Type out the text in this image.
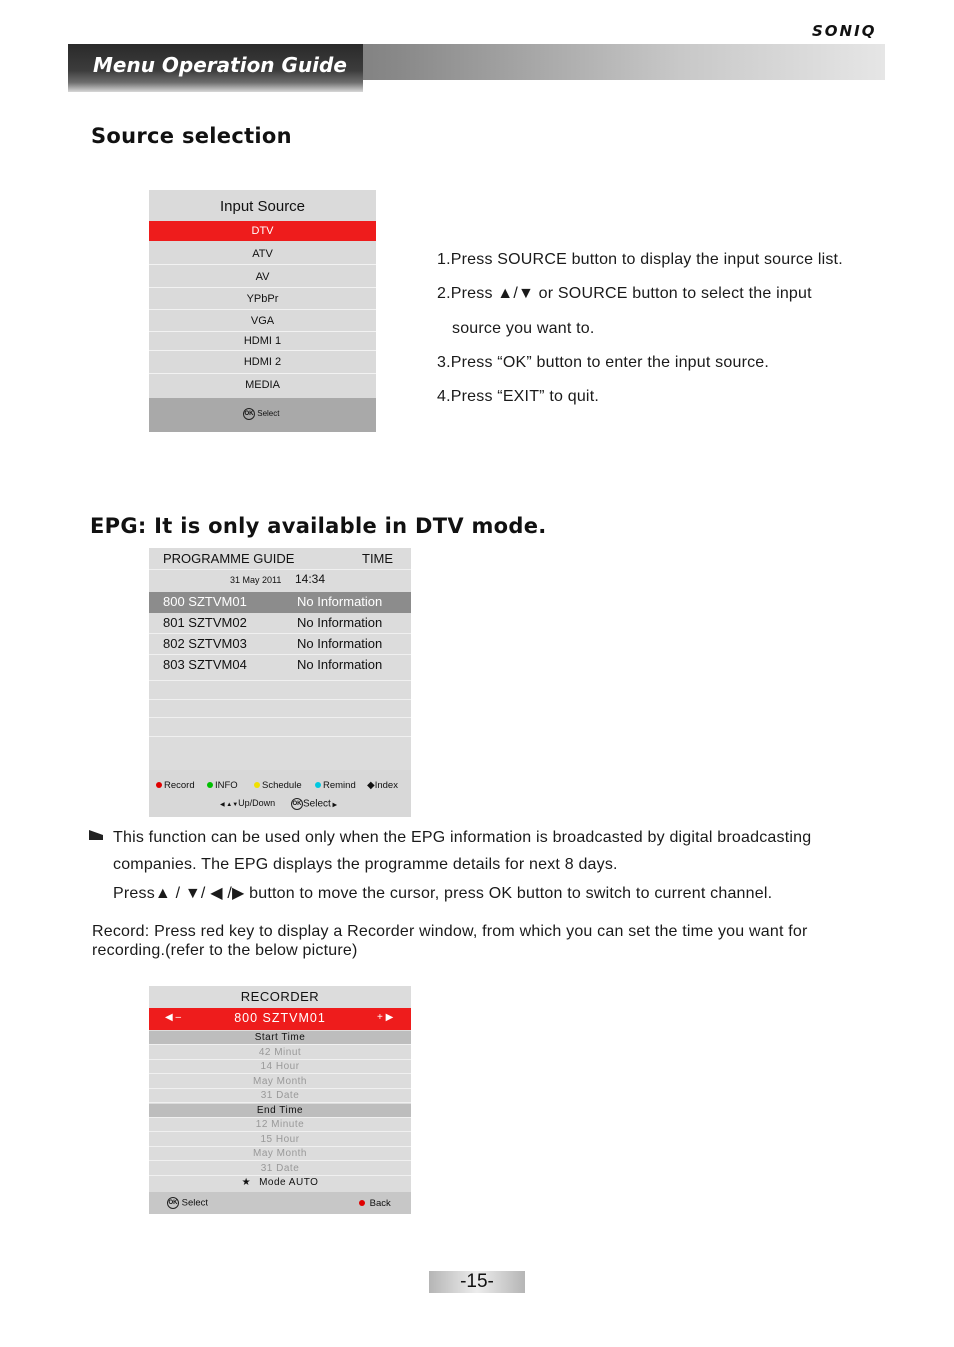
SONIQ
Menu Operation Guide
Source selection
Input Source
DTV
ATV
AV
YPbPr
VGA
HDMI 1
HDMI 2
MEDIA
OK Select
1.Press SOURCE button to display the input source list.
2.Press ▲/▼ or SOURCE button to select the input
source you want to.
3.Press “OK” button to enter the input source.
4.Press “EXIT” to quit.
EPG: It is only available in DTV mode.
PROGRAMME GUIDE	TIME
31 May 2011 14:34
800 SZTVM01	No Information
801 SZTVM02	No Information
802 SZTVM03	No Information
803 SZTVM04	No Information
Record	INFO	Schedule	Remind ◆Index
◀ ▲▼Up/Down	OK Select ▶
This function can be used only when the EPG information is broadcasted by digital broadcasting
companies. The EPG displays the programme details for next 8 days.
Press▲ / ▼/ ◀ /▶ button to move the cursor, press OK button to switch to current channel.
Record: Press red key to display a Recorder window, from which you can set the time you want for
recording.(refer to the below picture)
RECORDER
◀ –	800 SZTVM01	+ ▶
Start Time
42 Minut
14 Hour
May Month
31 Date
End Time
12 Minute
15 Hour
May Month
31 Date
★ Mode AUTO
OK Select	Back
-15-
